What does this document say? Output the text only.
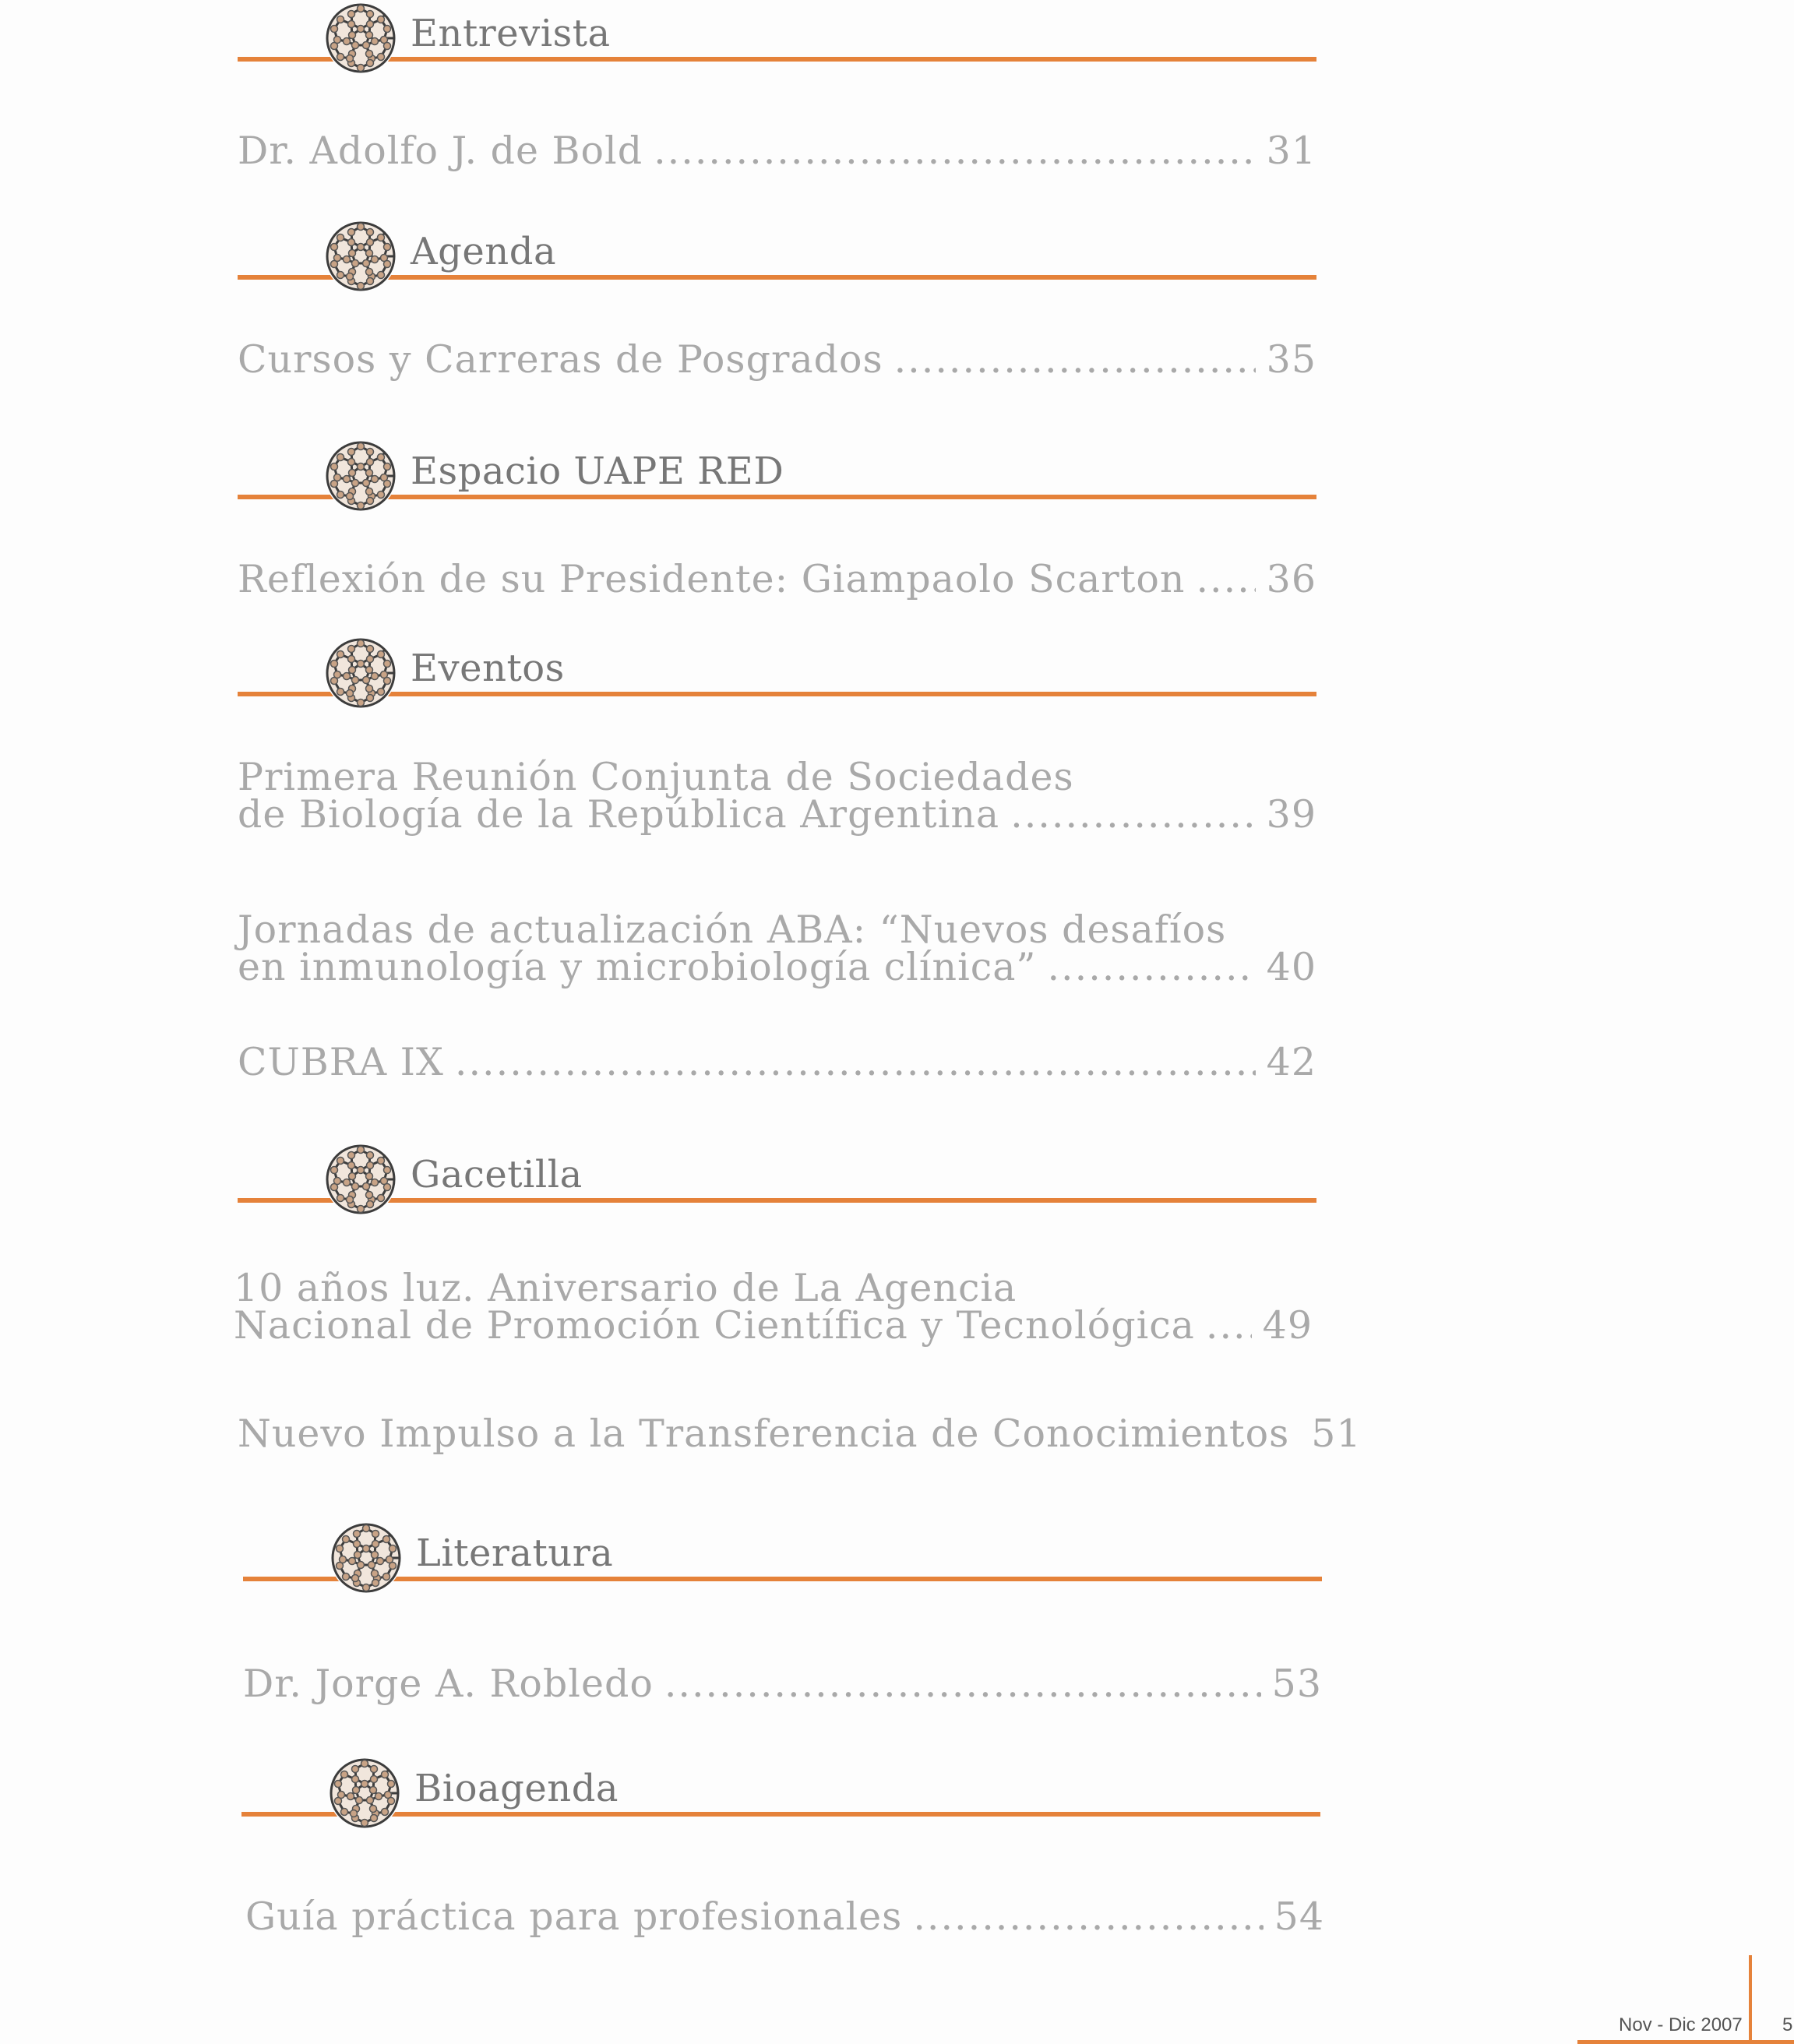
Entrevista
Dr. Adolfo J. de Bold .....	31
Agenda
Cursos y Carreras de Posgrados .....	35
Espacio UAPE RED
Reflexión de su Presidente: Giampaolo Scarton ..... 36
Eventos
Primera Reunión Conjunta de Sociedades
de Biología de la República Argentina .....	39
Jornadas de actualización ABA: “Nuevos desafíos
en inmunología y microbiología clínica” .....	40
CUBRA IX .....	42
Gacetilla
10 años luz. Aniversario de La Agencia
Nacional de Promoción Científica y Tecnológica ..... 49
Nuevo Impulso a la Transferencia de Conocimientos 51
Literatura
Dr. Jorge A. Robledo .....	53
Bioagenda
Guía práctica para profesionales .....	54
Nov - Dic 2007 5
